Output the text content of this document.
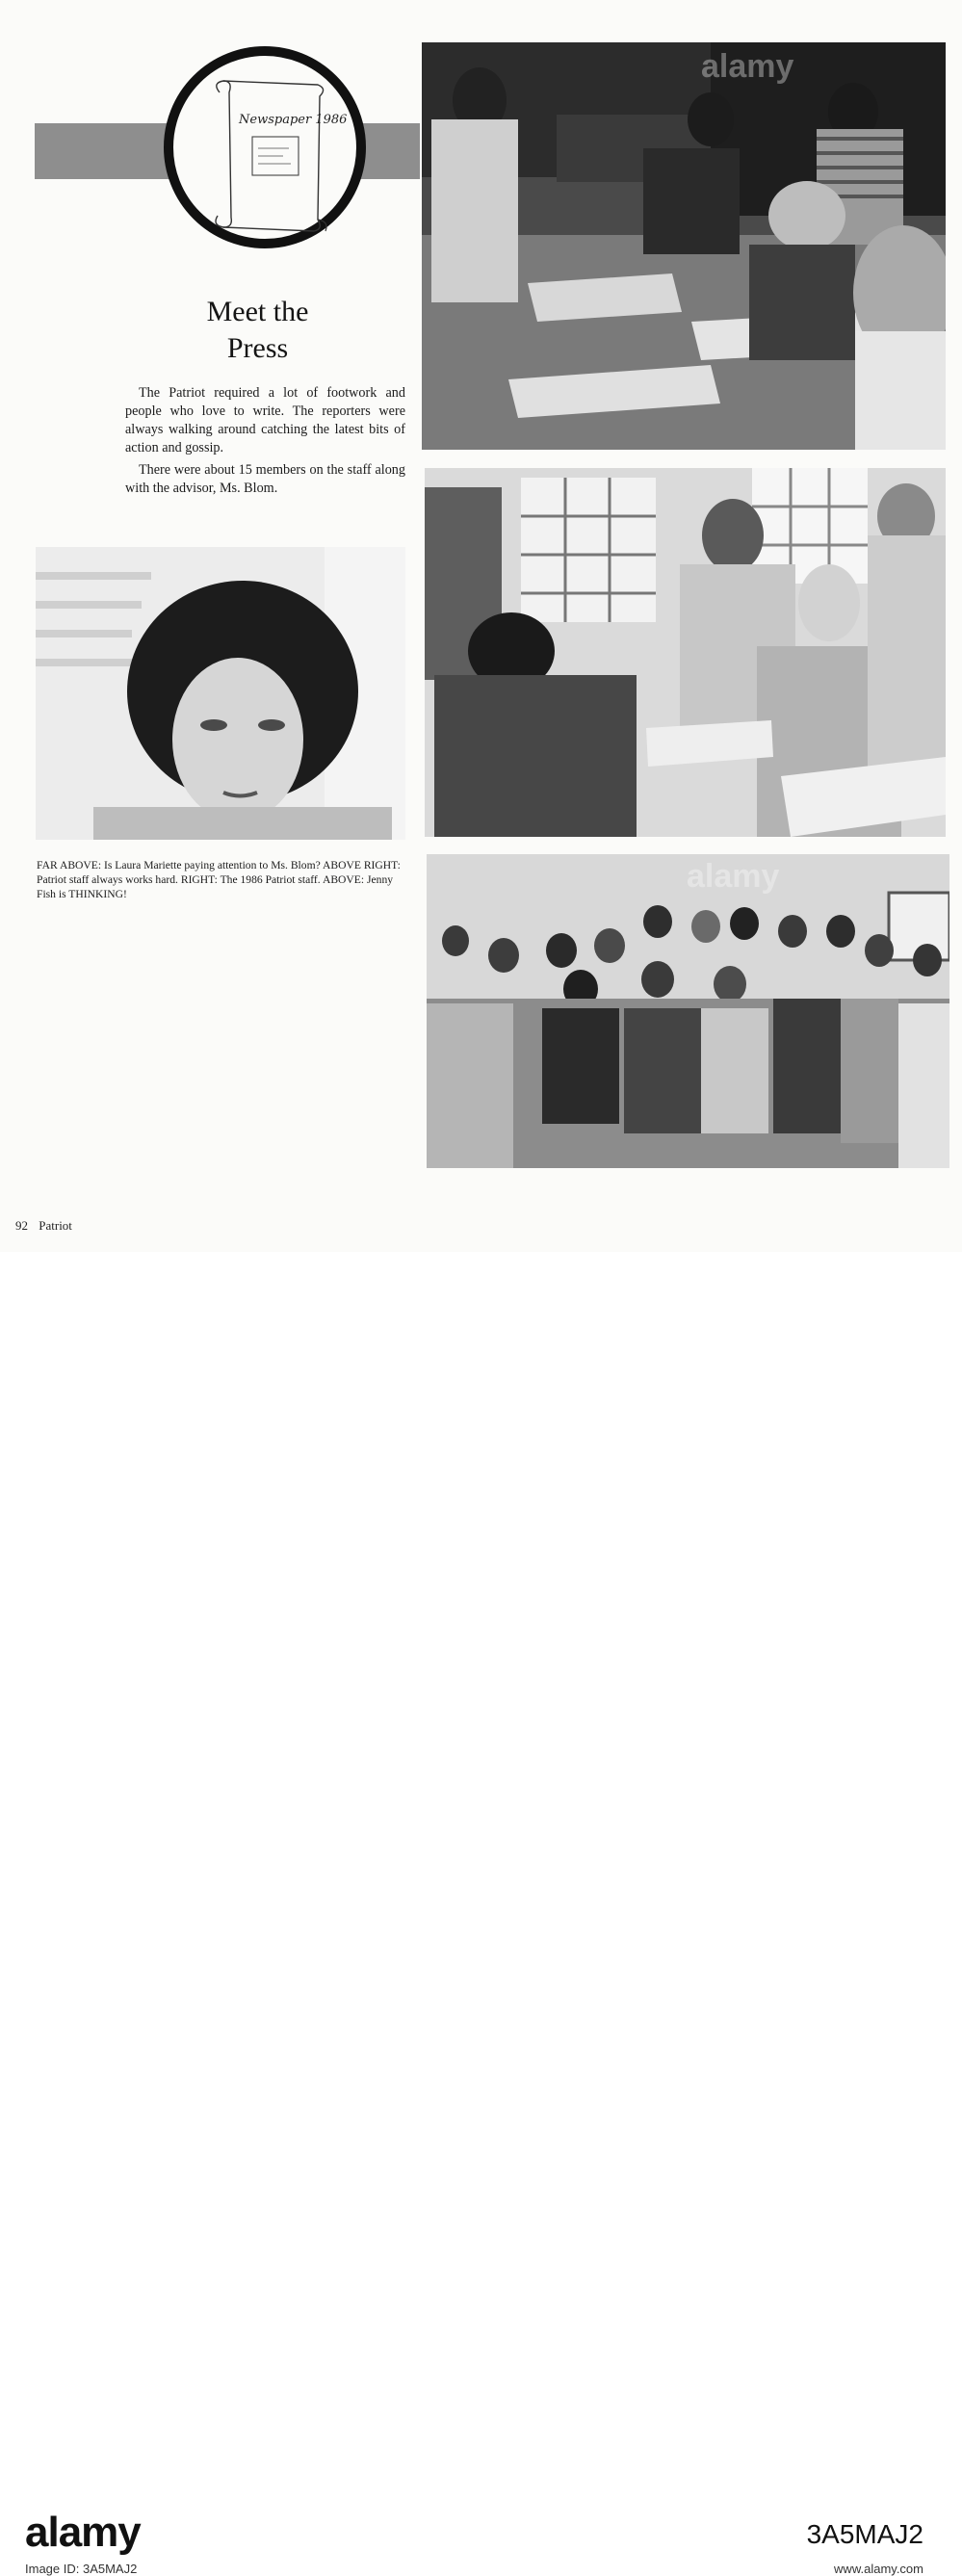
Newspaper 1986
Meet the
Press

The Patriot required a lot of footwork and people who love to write. The reporters were always walking around catching the latest bits of action and gossip.

There were about 15 members on the staff along with the advisor, Ms. Blom.

alamy
alamy
FAR ABOVE: Is Laura Mariette paying attention to Ms. Blom? ABOVE RIGHT: Patriot staff always works hard. RIGHT: The 1986 Patriot staff. ABOVE: Jenny Fish is THINKING!
92 Patriot
alamy
Image ID: 3A5MAJ2
3A5MAJ2
www.alamy.com
